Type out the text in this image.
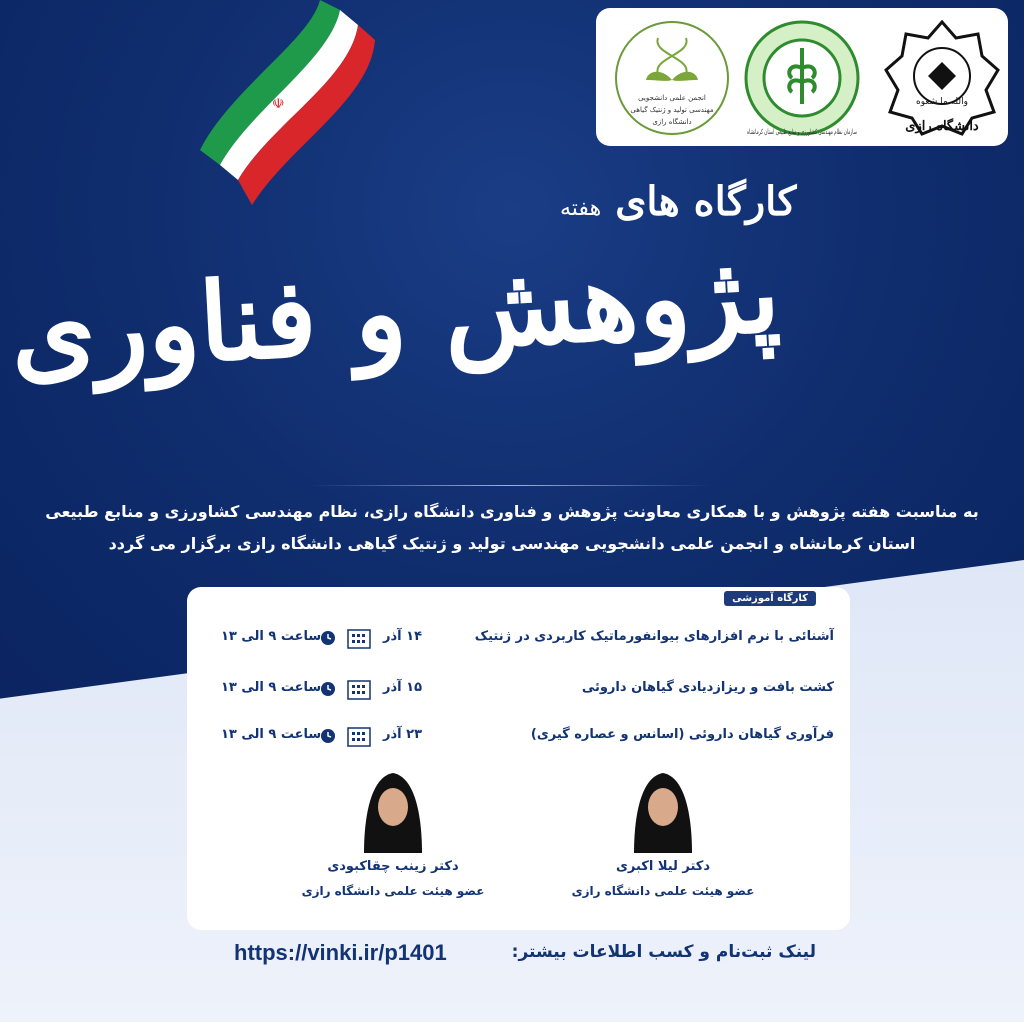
☫	والله ما شعوه
دانشگاه رازی
سازمان نظام مهندسی کشاورزی و منابع طبیعی استان کرمانشاه
انجمن علمی دانشجویی
مهندسی تولید و ژنتیک گیاهی
دانشگاه رازی
کارگاه های هفته
پژوهش و فناوری
به مناسبت هفته پژوهش و با همکاری معاونت پژوهش و فناوری دانشگاه رازی، نظام مهندسی کشاورزی و منابع طبیعی
استان کرمانشاه و انجمن علمی دانشجویی مهندسی تولید و ژنتیک گیاهی دانشگاه رازی برگزار می گردد
کارگاه آموزشی
آشنائی با نرم افزارهای بیوانفورماتیک کاربردی در ژنتیک
۱۴ آذر
ساعت ۹ الی ۱۳
کشت بافت و ریزازدیادی گیاهان داروئی
۱۵ آذر
ساعت ۹ الی ۱۳
فرآوری گیاهان داروئی (اسانس و عصاره گیری)
۲۳ آذر
ساعت ۹ الی ۱۳
دکتر لیلا اکبری
عضو هیئت علمی دانشگاه رازی
دکتر زینب چقاکبودی
عضو هیئت علمی دانشگاه رازی
لینک ثبت‌نام و کسب اطلاعات بیشتر:
https://vinki.ir/p1401
